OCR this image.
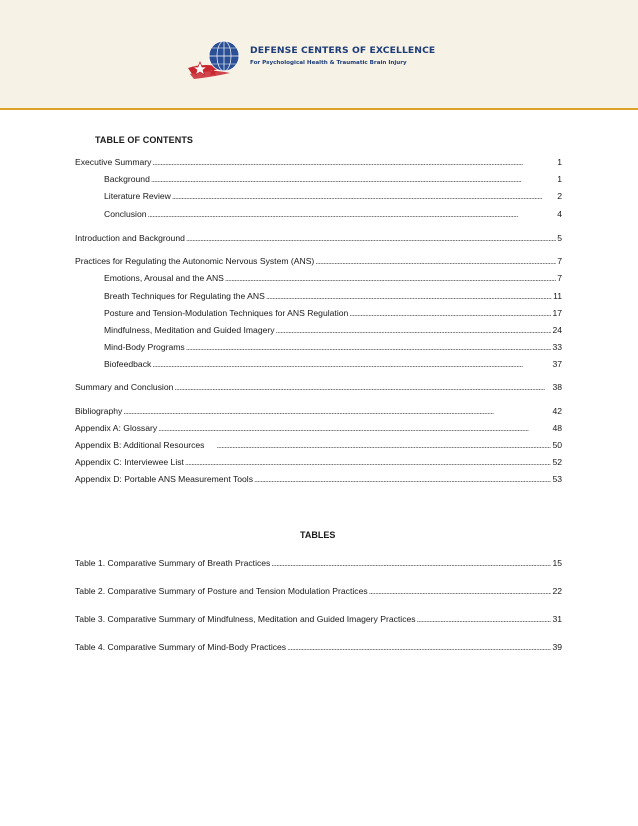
DEFENSE CENTERS OF EXCELLENCE
For Psychological Health & Traumatic Brain Injury
TABLE OF CONTENTS
Executive Summary . . .	1
Background . . .	1
Literature Review . . .	2
Conclusion . . .	4
Introduction and Background . . .	5
Practices for Regulating the Autonomic Nervous System (ANS) . . .	7
Emotions, Arousal and the ANS . . .	7
Breath Techniques for Regulating the ANS . . .	11
Posture and Tension-Modulation Techniques for ANS Regulation . . .	17
Mindfulness, Meditation and Guided Imagery . . .	24
Mind-Body Programs . . .	33
Biofeedback . . .	37
Summary and Conclusion . . .	38
Bibliography . . .	42
Appendix A: Glossary . . .	48
Appendix B: Additional Resources . . .	50
Appendix C: Interviewee List . . .	52
Appendix D: Portable ANS Measurement Tools . . .	53
TABLES
Table 1. Comparative Summary of Breath Practices . . .	15
Table 2. Comparative Summary of Posture and Tension Modulation Practices . . .	22
Table 3. Comparative Summary of Mindfulness, Meditation and Guided Imagery Practices . . .	31
Table 4. Comparative Summary of Mind-Body Practices . . .	39
